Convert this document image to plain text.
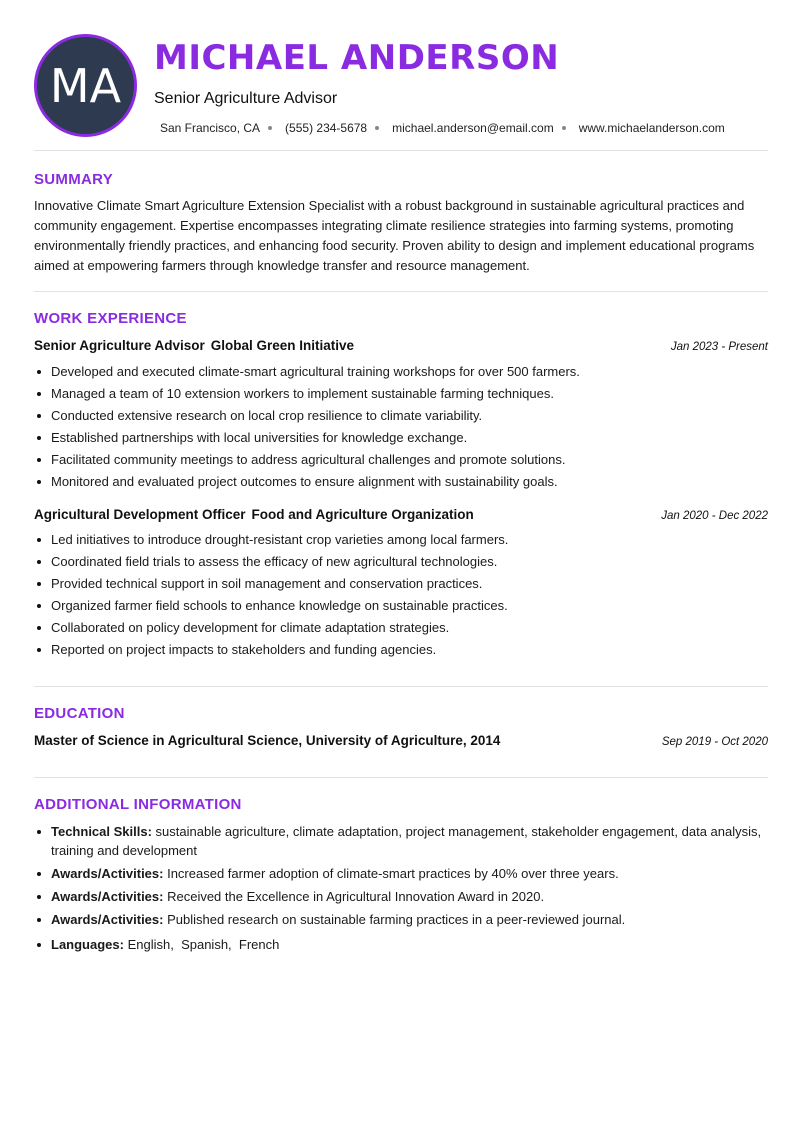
MA
MICHAEL ANDERSON
Senior Agriculture Advisor
San Francisco, CA (555) 234-5678 michael.anderson@email.com www.michaelanderson.com
SUMMARY
Innovative Climate Smart Agriculture Extension Specialist with a robust background in sustainable agricultural practices and community engagement. Expertise encompasses integrating climate resilience strategies into farming systems, promoting environmentally friendly practices, and enhancing food security. Proven ability to design and implement educational programs aimed at empowering farmers through knowledge transfer and resource management.
WORK EXPERIENCE
Senior Agriculture Advisor Global Green Initiative	Jan 2023 - Present
Developed and executed climate-smart agricultural training workshops for over 500 farmers.
Managed a team of 10 extension workers to implement sustainable farming techniques.
Conducted extensive research on local crop resilience to climate variability.
Established partnerships with local universities for knowledge exchange.
Facilitated community meetings to address agricultural challenges and promote solutions.
Monitored and evaluated project outcomes to ensure alignment with sustainability goals.
Agricultural Development Officer Food and Agriculture Organization	Jan 2020 - Dec 2022
Led initiatives to introduce drought-resistant crop varieties among local farmers.
Coordinated field trials to assess the efficacy of new agricultural technologies.
Provided technical support in soil management and conservation practices.
Organized farmer field schools to enhance knowledge on sustainable practices.
Collaborated on policy development for climate adaptation strategies.
Reported on project impacts to stakeholders and funding agencies.
EDUCATION
Master of Science in Agricultural Science, University of Agriculture, 2014	Sep 2019 - Oct 2020
ADDITIONAL INFORMATION
Technical Skills: sustainable agriculture, climate adaptation, project management, stakeholder engagement, data analysis, training and development
Awards/Activities: Increased farmer adoption of climate-smart practices by 40% over three years.
Awards/Activities: Received the Excellence in Agricultural Innovation Award in 2020.
Awards/Activities: Published research on sustainable farming practices in a peer-reviewed journal.
Languages: English,  Spanish,  French
